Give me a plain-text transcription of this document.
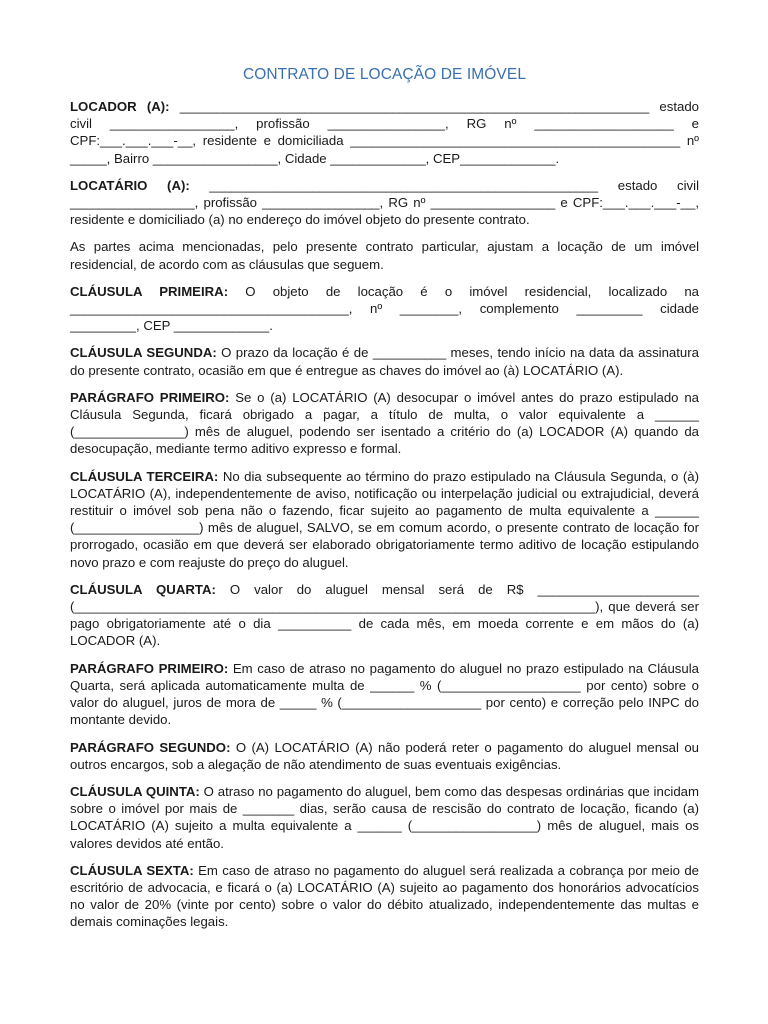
CONTRATO DE LOCAÇÃO DE IMÓVEL

LOCADOR (A): ________________________________________________________________ estado civil _________________, profissão ________________, RG nº ___________________ e CPF:___.___.___-__, residente e domiciliada _____________________________________________ nº _____, Bairro _________________, Cidade _____________, CEP_____________.

LOCATÁRIO (A): _____________________________________________________ estado civil _________________, profissão ________________, RG nº _________________ e CPF:___.___.___-__, residente e domiciliado (a) no endereço do imóvel objeto do presente contrato.

As partes acima mencionadas, pelo presente contrato particular, ajustam a locação de um imóvel residencial, de acordo com as cláusulas que seguem.

CLÁUSULA PRIMEIRA: O objeto de locação é o imóvel residencial, localizado na ______________________________________, nº ________, complemento _________ cidade _________, CEP _____________.

CLÁUSULA SEGUNDA: O prazo da locação é de __________ meses, tendo início na data da assinatura do presente contrato, ocasião em que é entregue as chaves do imóvel ao (à) LOCATÁRIO (A).

PARÁGRAFO PRIMEIRO: Se o (a) LOCATÁRIO (A) desocupar o imóvel antes do prazo estipulado na Cláusula Segunda, ficará obrigado a pagar, a título de multa, o valor equivalente a ______ (_______________) mês de aluguel, podendo ser isentado a critério do (a) LOCADOR (A) quando da desocupação, mediante termo aditivo expresso e formal.

CLÁUSULA TERCEIRA: No dia subsequente ao término do prazo estipulado na Cláusula Segunda, o (à) LOCATÁRIO (A), independentemente de aviso, notificação ou interpelação judicial ou extrajudicial, deverá restituir o imóvel sob pena não o fazendo, ficar sujeito ao pagamento de multa equivalente a ______ (_________________) mês de aluguel, SALVO, se em comum acordo, o presente contrato de locação for prorrogado, ocasião em que deverá ser elaborado obrigatoriamente termo aditivo de locação estipulando novo prazo e com reajuste do preço do aluguel.

CLÁUSULA QUARTA: O valor do aluguel mensal será de R$ ______________________ (_______________________________________________________________________), que deverá ser pago obrigatoriamente até o dia __________ de cada mês, em moeda corrente e em mãos do (a) LOCADOR (A).

PARÁGRAFO PRIMEIRO: Em caso de atraso no pagamento do aluguel no prazo estipulado na Cláusula Quarta, será aplicada automaticamente multa de ______ % (___________________ por cento) sobre o valor do aluguel, juros de mora de _____ % (___________________ por cento) e correção pelo INPC do montante devido.

PARÁGRAFO SEGUNDO: O (A) LOCATÁRIO (A) não poderá reter o pagamento do aluguel mensal ou outros encargos, sob a alegação de não atendimento de suas eventuais exigências.

CLÁUSULA QUINTA: O atraso no pagamento do aluguel, bem como das despesas ordinárias que incidam sobre o imóvel por mais de _______ dias, serão causa de rescisão do contrato de locação, ficando (a) LOCATÁRIO (A) sujeito a multa equivalente a ______ (_________________) mês de aluguel, mais os valores devidos até então.

CLÁUSULA SEXTA: Em caso de atraso no pagamento do aluguel será realizada a cobrança por meio de escritório de advocacia, e ficará o (a) LOCATÁRIO (A) sujeito ao pagamento dos honorários advocatícios no valor de 20% (vinte por cento) sobre o valor do débito atualizado, independentemente das multas e demais cominações legais.
